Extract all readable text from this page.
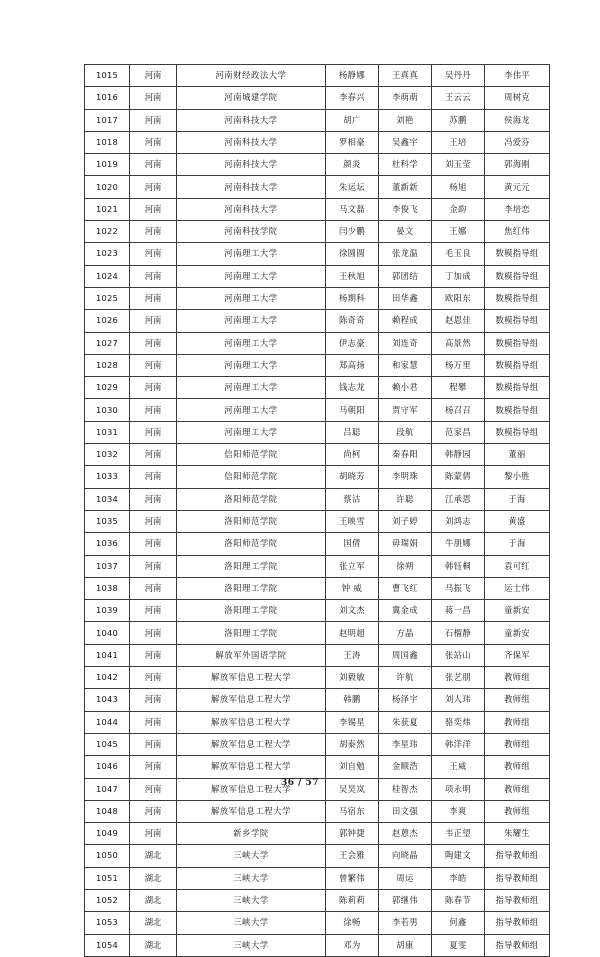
1015	河南	河南财经政法大学	杨静娜	王真真	吴丹丹	李伟平
1016	河南	河南城建学院	李春兴	李萌萌	王云云	周树克
1017	河南	河南科技大学	胡广	刘艳	苏鹏	侯海龙
1018	河南	河南科技大学	罗相豪	吴鑫宇	王培	冯爱芬
1019	河南	河南科技大学	颜炎	杜科学	刘玉莹	郭海刚
1020	河南	河南科技大学	朱运坛	董新新	杨旭	黄元元
1021	河南	河南科技大学	马文磊	李俊飞	金韵	李培恋
1022	河南	河南科技学院	闫少鹏	晏文	王娜	焦红伟
1023	河南	河南理工大学	徐圆圆	张龙温	毛玉良	数模指导组
1024	河南	河南理工大学	王秋旭	郭团结	丁加成	数模指导组
1025	河南	河南理工大学	杨期科	田华鑫	欧阳东	数模指导组
1026	河南	河南理工大学	陈奇奇	赖程成	赵恩佳	数模指导组
1027	河南	河南理工大学	伊志豪	刘连奇	高景然	数模指导组
1028	河南	河南理工大学	郑高扬	和家慧	杨万里	数模指导组
1029	河南	河南理工大学	钱志龙	赖小君	程攀	数模指导组
1030	河南	河南理工大学	马朝阳	贾守军	杨召召	数模指导组
1031	河南	河南理工大学	吕聪	段航	范家昌	数模指导组
1032	河南	信阳师范学院	尚柯	秦春阳	韩静园	董丽
1033	河南	信阳师范学院	胡晓芳	李明珠	陈蒙倩	黎小胜
1034	河南	洛阳师范学院	蔡沽	许聪	江承恩	于海
1035	河南	洛阳师范学院	王映雪	刘子婷	刘鸿志	黄盛
1036	河南	洛阳师范学院	国倩	毋瑞娟	牛朋娜	于海
1037	河南	洛阳理工学院	张立军	徐朔	韩钰桐	袁可红
1038	河南	洛阳理工学院	钟 威	曹飞红	马振飞	运士伟
1039	河南	洛阳理工学院	刘文杰	冀金成	蒋一昌	童新安
1040	河南	洛阳理工学院	赵明超	方晶	石榴静	童新安
1041	河南	解放军外国语学院	王涛	周国鑫	张站山	齐保军
1042	河南	解放军信息工程大学	刘毅敏	许航	张艺朋	教师组
1043	河南	解放军信息工程大学	韩鹏	杨泽宇	刘人玮	教师组
1044	河南	解放军信息工程大学	李锡星	朱获夏	骆奕炜	教师组
1045	河南	解放军信息工程大学	胡泰然	李星玮	韩洋洋	教师组
1046	河南	解放军信息工程大学	刘自勉	金顺浩	王威	教师组
1047	河南	解放军信息工程大学	吴昊岚	桂智杰	项永明	教师组
1048	河南	解放军信息工程大学	马宿东	田文强	李爽	教师组
1049	河南	新乡学院	郭钟捷	赵蒽杰	韦正望	朱耀生
1050	湖北	三峡大学	王会雅	向晓晶	陶建文	指导教师组
1051	湖北	三峡大学	曾繁伟	周运	李皓	指导教师组
1052	湖北	三峡大学	陈莉莉	郭继伟	陈春节	指导教师组
1053	湖北	三峡大学	徐畅	李若男	何鑫	指导教师组
1054	湖北	三峡大学	邓为	胡康	夏雯	指导教师组
36 / 57
